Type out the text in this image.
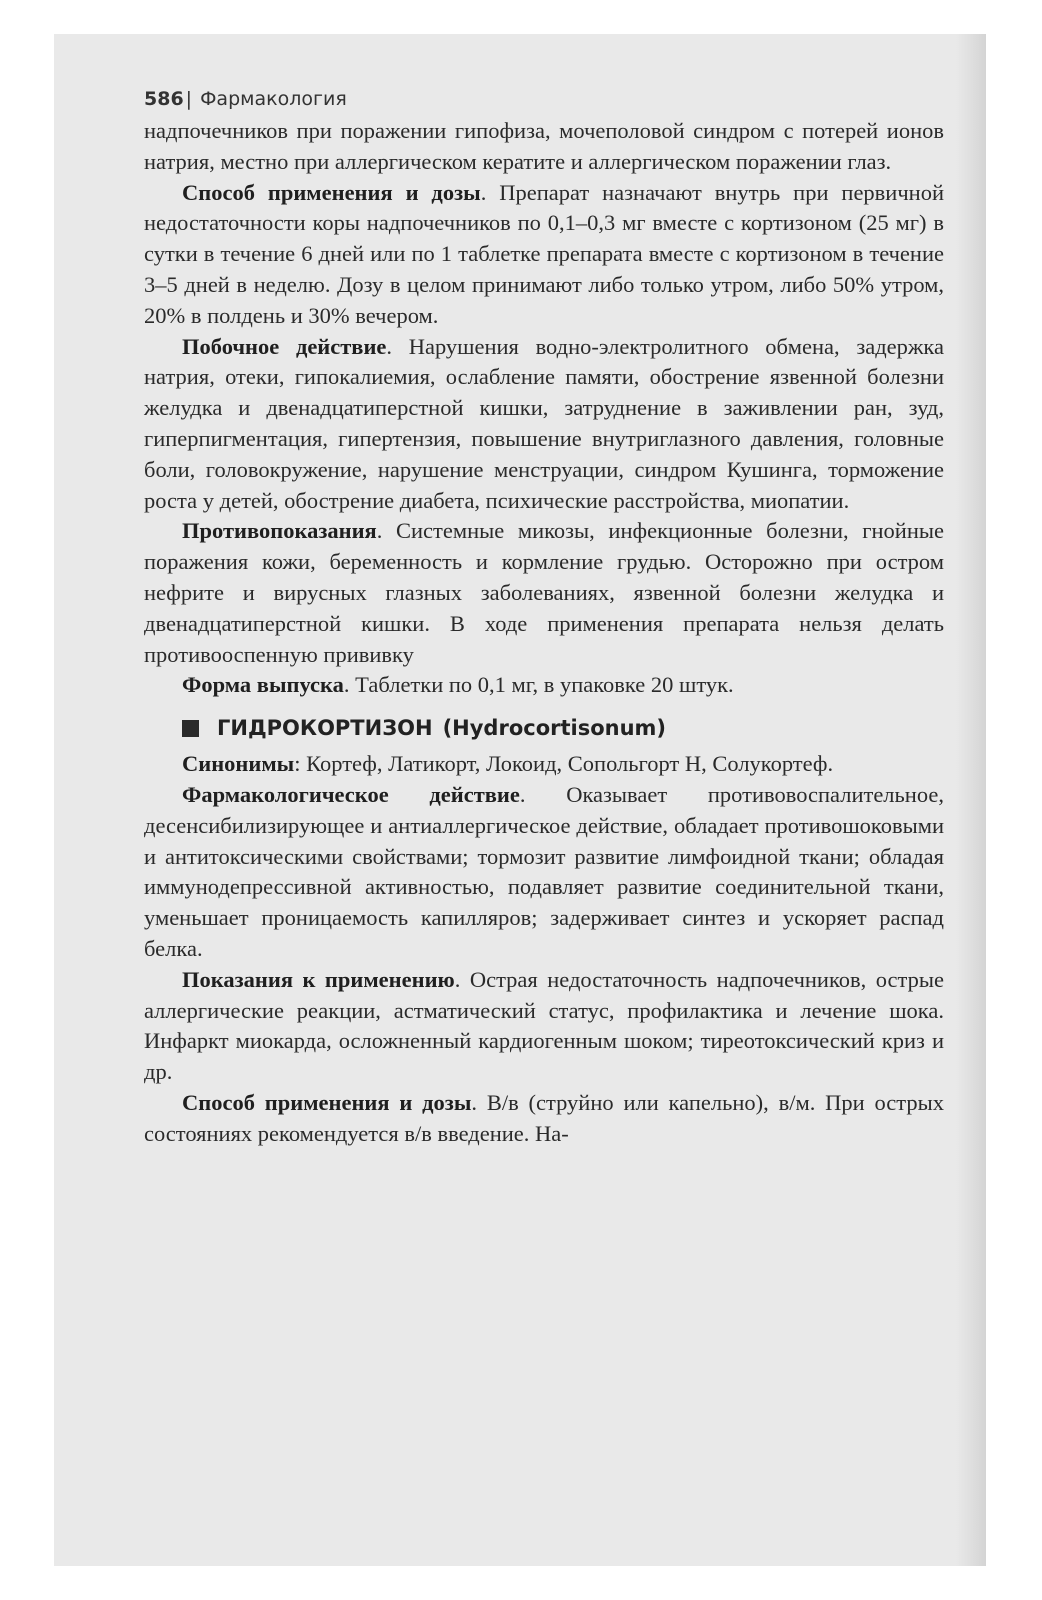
586 | Фармакология

надпочечников при поражении гипофиза, мочеполовой синдром с потерей ионов натрия, местно при аллергическом кератите и аллергическом поражении глаз.

Способ применения и дозы. Препарат назначают внутрь при первичной недостаточности коры надпочечников по 0,1–0,3 мг вместе с кортизоном (25 мг) в сутки в течение 6 дней или по 1 таблетке препарата вместе с кортизоном в течение 3–5 дней в неделю. Дозу в целом принимают либо только утром, либо 50% утром, 20% в полдень и 30% вечером.

Побочное действие. Нарушения водно-электролитного обмена, задержка натрия, отеки, гипокалиемия, ослабление памяти, обострение язвенной болезни желудка и двенадцатиперстной кишки, затруднение в заживлении ран, зуд, гиперпигментация, гипертензия, повышение внутриглазного давления, головные боли, головокружение, нарушение менструации, синдром Кушинга, торможение роста у детей, обострение диабета, психические расстройства, миопатии.

Противопоказания. Системные микозы, инфекционные болезни, гнойные поражения кожи, беременность и кормление грудью. Осторожно при остром нефрите и вирусных глазных заболеваниях, язвенной болезни желудка и двенадцатиперстной кишки. В ходе применения препарата нельзя делать противооспенную прививку

Форма выпуска. Таблетки по 0,1 мг, в упаковке 20 штук.

ГИДРОКОРТИЗОН (Hydrocortisonum)

Синонимы: Кортеф, Латикорт, Локоид, Сопольгорт Н, Солукортеф.

Фармакологическое действие. Оказывает противовоспалительное, десенсибилизирующее и антиаллергическое действие, обладает противошоковыми и антитоксическими свойствами; тормозит развитие лимфоидной ткани; обладая иммунодепрессивной активностью, подавляет развитие соединительной ткани, уменьшает проницаемость капилляров; задерживает синтез и ускоряет распад белка.

Показания к применению. Острая недостаточность надпочечников, острые аллергические реакции, астматический статус, профилактика и лечение шока. Инфаркт миокарда, осложненный кардиогенным шоком; тиреотоксический криз и др.

Способ применения и дозы. В/в (струйно или капельно), в/м. При острых состояниях рекомендуется в/в введение. На-
